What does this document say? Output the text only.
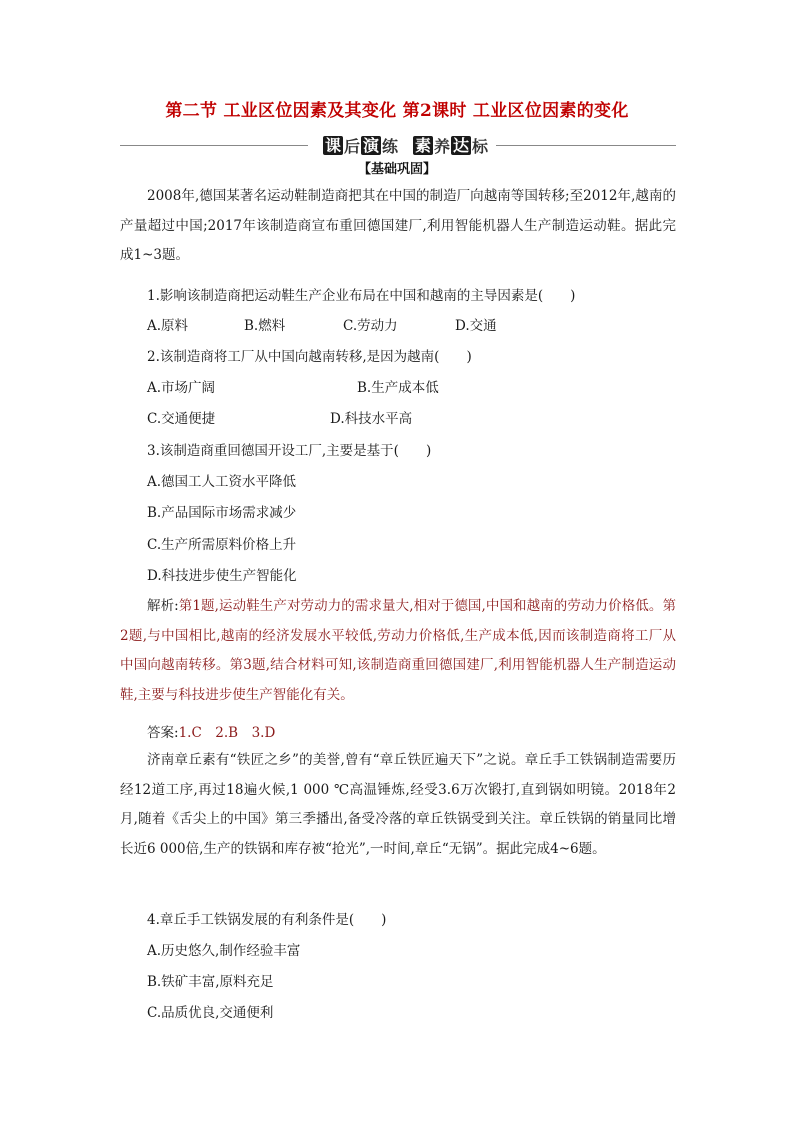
第二节 工业区位因素及其变化 第2课时 工业区位因素的变化
课 后 演 练 素 养 达 标
【基础巩固】
2008年,德国某著名运动鞋制造商把其在中国的制造厂向越南等国转移;至2012年,越南的产量超过中国;2017年该制造商宣布重回德国建厂,利用智能机器人生产制造运动鞋。据此完成1~3题。
1.影响该制造商把运动鞋生产企业布局在中国和越南的主导因素是(　　)
A.原料	B.燃料	C.劳动力	D.交通
2.该制造商将工厂从中国向越南转移,是因为越南(　　)
A.市场广阔	B.生产成本低
C.交通便捷	D.科技水平高
3.该制造商重回德国开设工厂,主要是基于(　　)
A.德国工人工资水平降低
B.产品国际市场需求减少
C.生产所需原料价格上升
D.科技进步使生产智能化
解析:第1题,运动鞋生产对劳动力的需求量大,相对于德国,中国和越南的劳动力价格低。第2题,与中国相比,越南的经济发展水平较低,劳动力价格低,生产成本低,因而该制造商将工厂从中国向越南转移。第3题,结合材料可知,该制造商重回德国建厂,利用智能机器人生产制造运动鞋,主要与科技进步使生产智能化有关。
答案:1.C　2.B　3.D
济南章丘素有“铁匠之乡”的美誉,曾有“章丘铁匠遍天下”之说。章丘手工铁锅制造需要历经12道工序,再过18遍火候,1 000 ℃高温锤炼,经受3.6万次锻打,直到锅如明镜。2018年2月,随着《舌尖上的中国》第三季播出,备受冷落的章丘铁锅受到关注。章丘铁锅的销量同比增长近6 000倍,生产的铁锅和库存被“抢光”,一时间,章丘“无锅”。据此完成4~6题。
4.章丘手工铁锅发展的有利条件是(　　)
A.历史悠久,制作经验丰富
B.铁矿丰富,原料充足
C.品质优良,交通便利
